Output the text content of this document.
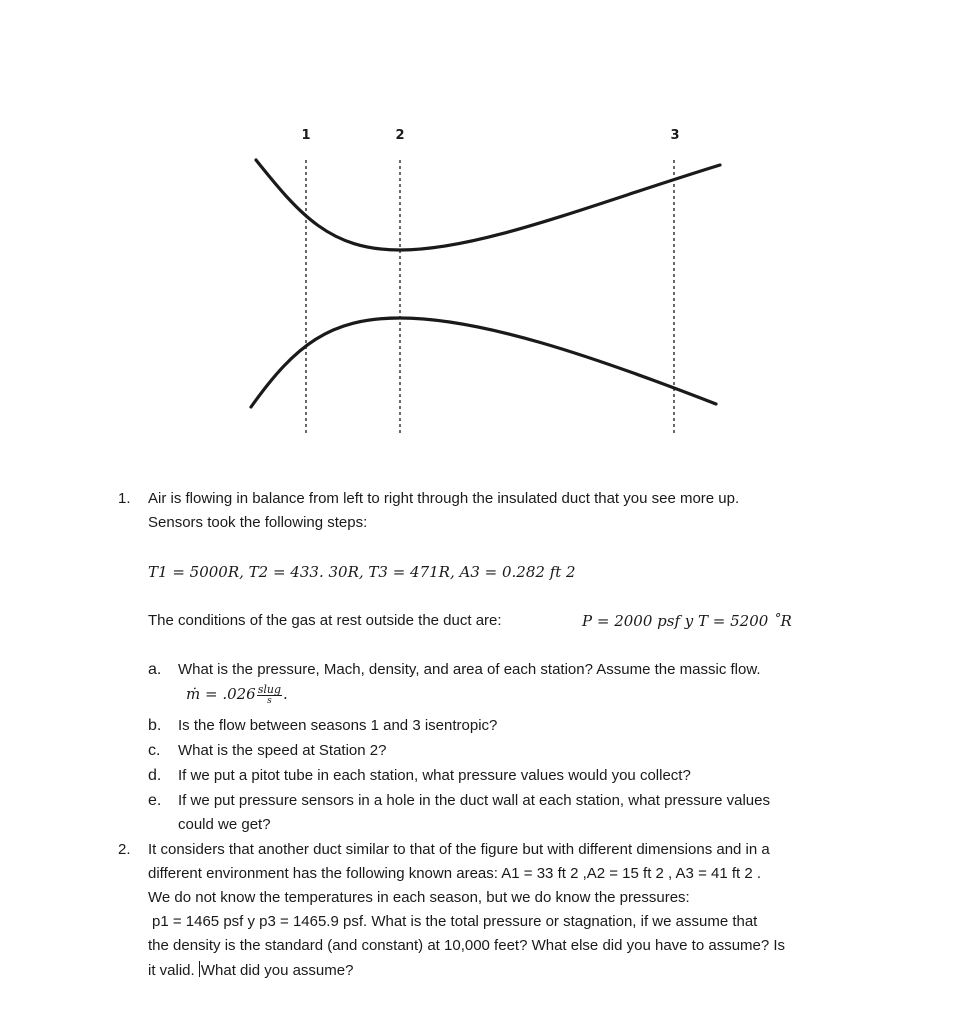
1	2	3
1. Air is flowing in balance from left to right through the insulated duct that you see more up.
Sensors took the following steps:
T1 = 5000R, T2 = 433. 30R, T3 = 471R, A3 = 0.282 ft 2
The conditions of the gas at rest outside the duct are:	P = 2000 psf y T = 5200 ˚R
a. What is the pressure, Mach, density, and area of each station? Assume the massic flow.
ṁ = $.026 \frac{\text{slug}}{s}$ .
b. Is the flow between seasons 1 and 3 isentropic?
c. What is the speed at Station 2?
d. If we put a pitot tube in each station, what pressure values would you collect?
e. If we put pressure sensors in a hole in the duct wall at each station, what pressure values
could we get?
2. It considers that another duct similar to that of the figure but with different dimensions and in a
different environment has the following known areas: A1 = 33 ft 2 ,A2 = 15 ft 2 , A3 = 41 ft 2 .
We do not know the temperatures in each season, but we do know the pressures:
p1 = 1465 psf y p3 = 1465.9 psf. What is the total pressure or stagnation, if we assume that
the density is the standard (and constant) at 10,000 feet? What else did you have to assume? Is
it valid. What did you assume?
